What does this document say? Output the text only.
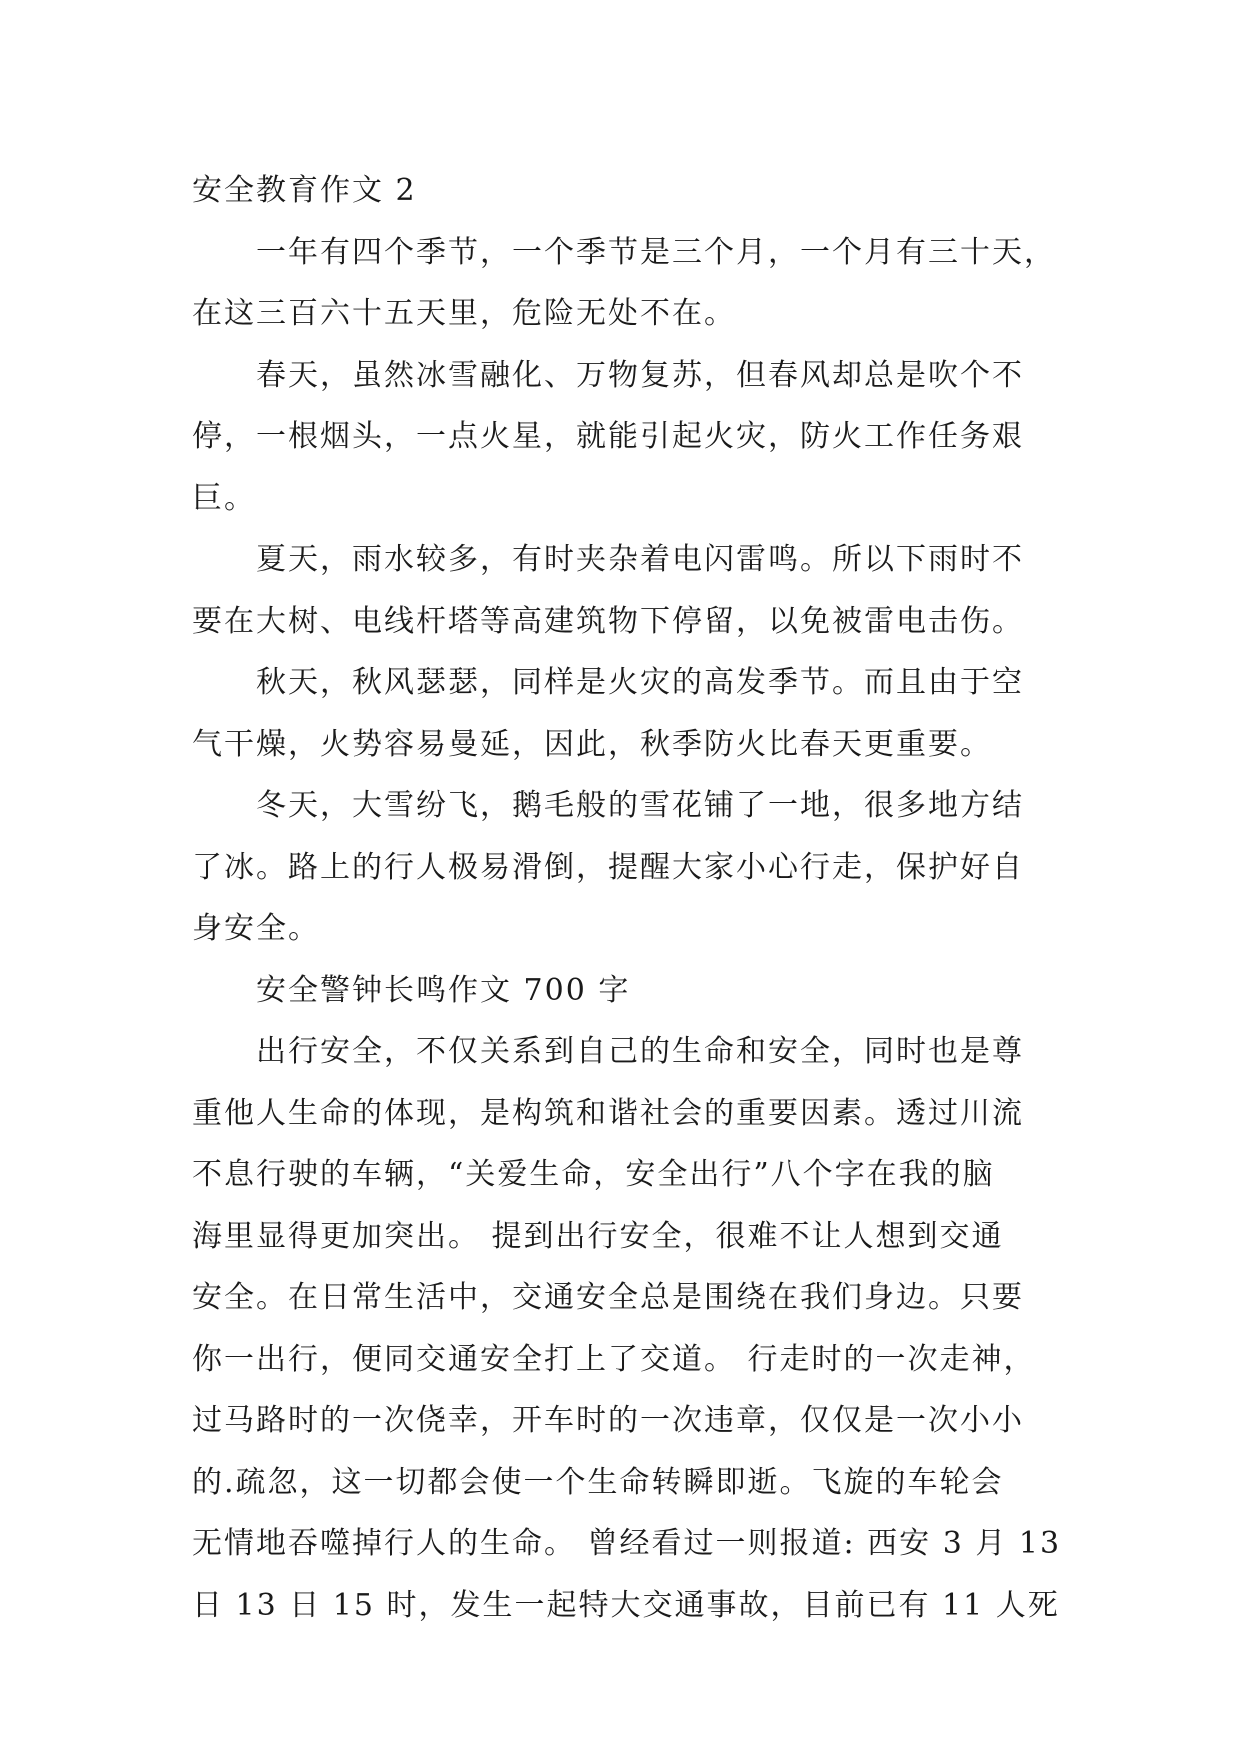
安全教育作文 2
一年有四个季节，一个季节是三个月，一个月有三十天，
在这三百六十五天里，危险无处不在。
春天，虽然冰雪融化、万物复苏，但春风却总是吹个不
停，一根烟头，一点火星，就能引起火灾，防火工作任务艰
巨。
夏天，雨水较多，有时夹杂着电闪雷鸣。所以下雨时不
要在大树、电线杆塔等高建筑物下停留，以免被雷电击伤。
秋天，秋风瑟瑟，同样是火灾的高发季节。而且由于空
气干燥，火势容易曼延，因此，秋季防火比春天更重要。
冬天，大雪纷飞，鹅毛般的雪花铺了一地，很多地方结
了冰。路上的行人极易滑倒，提醒大家小心行走，保护好自
身安全。
安全警钟长鸣作文 700 字
出行安全，不仅关系到自己的生命和安全，同时也是尊
重他人生命的体现，是构筑和谐社会的重要因素。透过川流
不息行驶的车辆，“关爱生命，安全出行”八个字在我的脑
海里显得更加突出。 提到出行安全，很难不让人想到交通
安全。在日常生活中，交通安全总是围绕在我们身边。只要
你一出行，便同交通安全打上了交道。 行走时的一次走神，
过马路时的一次侥幸，开车时的一次违章，仅仅是一次小小
的.疏忽，这一切都会使一个生命转瞬即逝。飞旋的车轮会
无情地吞噬掉行人的生命。 曾经看过一则报道: 西安 3 月 13
日 13 日 15 时，发生一起特大交通事故，目前已有 11 人死
